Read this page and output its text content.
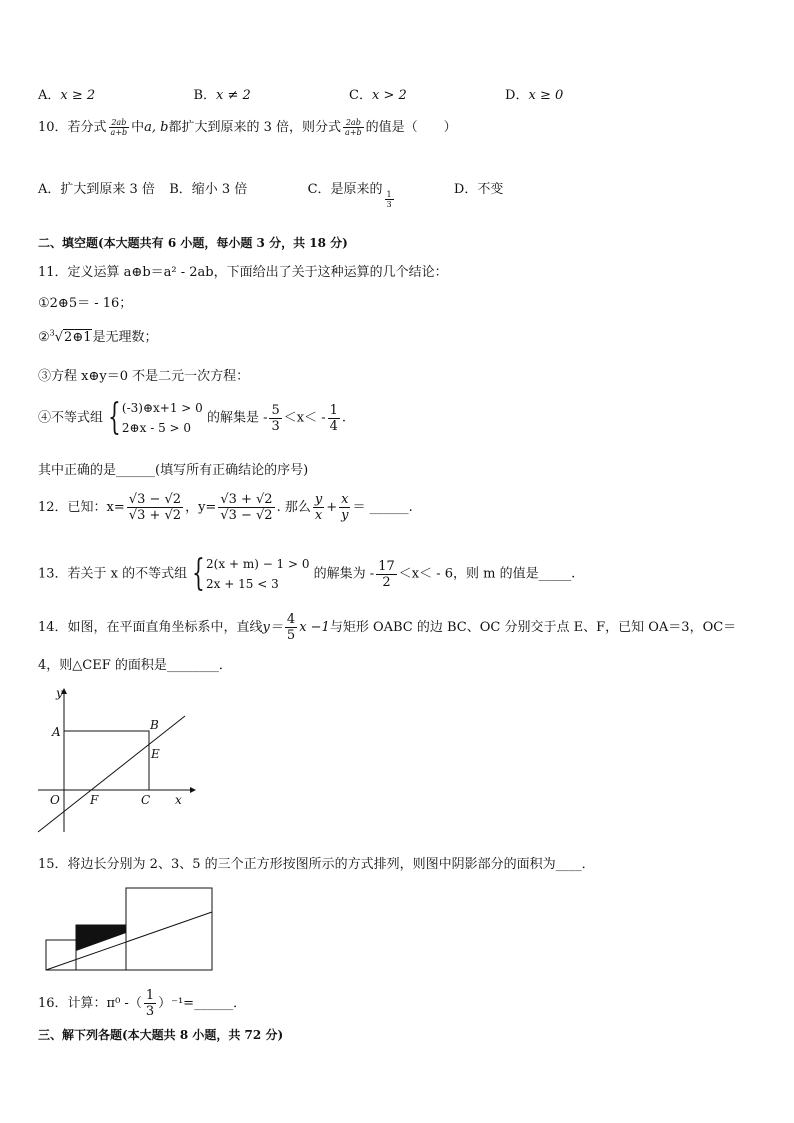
A．x ≥ 2	B．x ≠ 2	C．x > 2	D．x ≥ 0
10．若分式 $\frac{2ab}{a+b}$ 中a, b都扩大到原来的 3 倍，则分式 $\frac{2ab}{a+b}$ 的值是（　　）
A．扩大到原来 3 倍 B．缩小 3 倍	C．是原来的
$\frac{1}{3}$
D．不变
二、填空题(本大题共有 6 小题，每小题 3 分，共 18 分)
11．定义运算 a⊕b＝a² - 2ab，下面给出了关于这种运算的几个结论：
①2⊕5＝ - 16；
②$^3$√2⊕1是无理数；
③方程 x⊕y＝0 不是二元一次方程：
④不等式组 { (-3)⊕x+1 > 0
2⊕x - 5 > 0
的解集是 - $\frac{5}{3} <x< - \frac{1}{4}$ .
其中正确的是______(填写所有正确结论的序号)
12．已知：$x= \frac{√3 - √2}{√3 + √2}$ ，$y= \frac{√3 + √2}{√3 - √2}$ . 那么 $\frac{y}{x} + \frac{x}{y}$ ＝ ______.
13．若关于 x 的不等式组 { 2(x + m) − 1 > 0
2x + 15 < 3
的解集为 - $\frac{17}{2} <x< - 6$，则 m 的值是_____.
14．如图，在平面直角坐标系中，直线$y= \frac{4}{5}$ x −1与矩形 OABC 的边 BC、OC 分别交于点 E、F，已知 OA＝3，OC＝
4，则△CEF 的面积是________．
y
A	B
E
O	F	C x
15．将边长分别为 2、3、5 的三个正方形按图所示的方式排列，则图中阴影部分的面积为____．
16．计算：π⁰ -（ $\frac{1}{3}$ ）⁻¹=______．
三、解下列各题(本大题共 8 小题，共 72 分)
